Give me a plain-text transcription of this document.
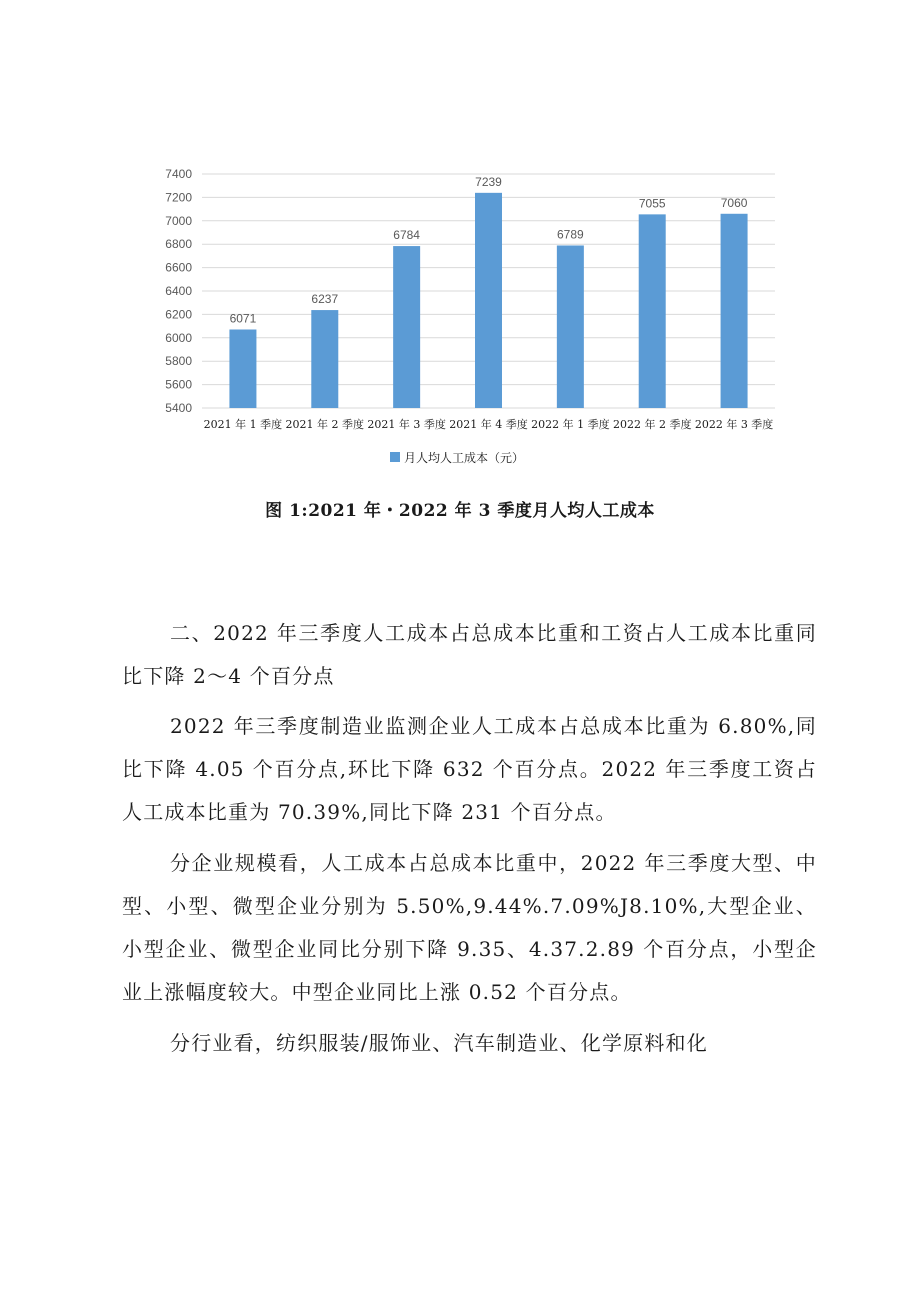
5400
5600
5800
6000
6200
6400
6600
6800
7000
7200
7400
6071
6237
6784
7239
6789
7055	7060
2021 年 1 季度 2021 年 2 季度 2021 年 3 季度 2021 年 4 季度 2022 年 1 季度 2022 年 2 季度 2022 年 3 季度
月人均人工成本（元）
图 1:2021 年・2022 年 3 季度月人均人工成本
二、2022 年三季度人工成本占总成本比重和工资占人工成本比重同比下降 2～4 个百分点
2022 年三季度制造业监测企业人工成本占总成本比重为 6.80%,同比下降 4.05 个百分点,环比下降 632 个百分点。2022 年三季度工资占人工成本比重为 70.39%,同比下降 231 个百分点。
分企业规模看，人工成本占总成本比重中，2022 年三季度大型、中型、小型、微型企业分别为 5.50%,9.44%.7.09%J8.10%,大型企业、小型企业、微型企业同比分别下降 9.35、4.37.2.89 个百分点，小型企业上涨幅度较大。中型企业同比上涨 0.52 个百分点。
分行业看，纺织服装/服饰业、汽车制造业、化学原料和化
